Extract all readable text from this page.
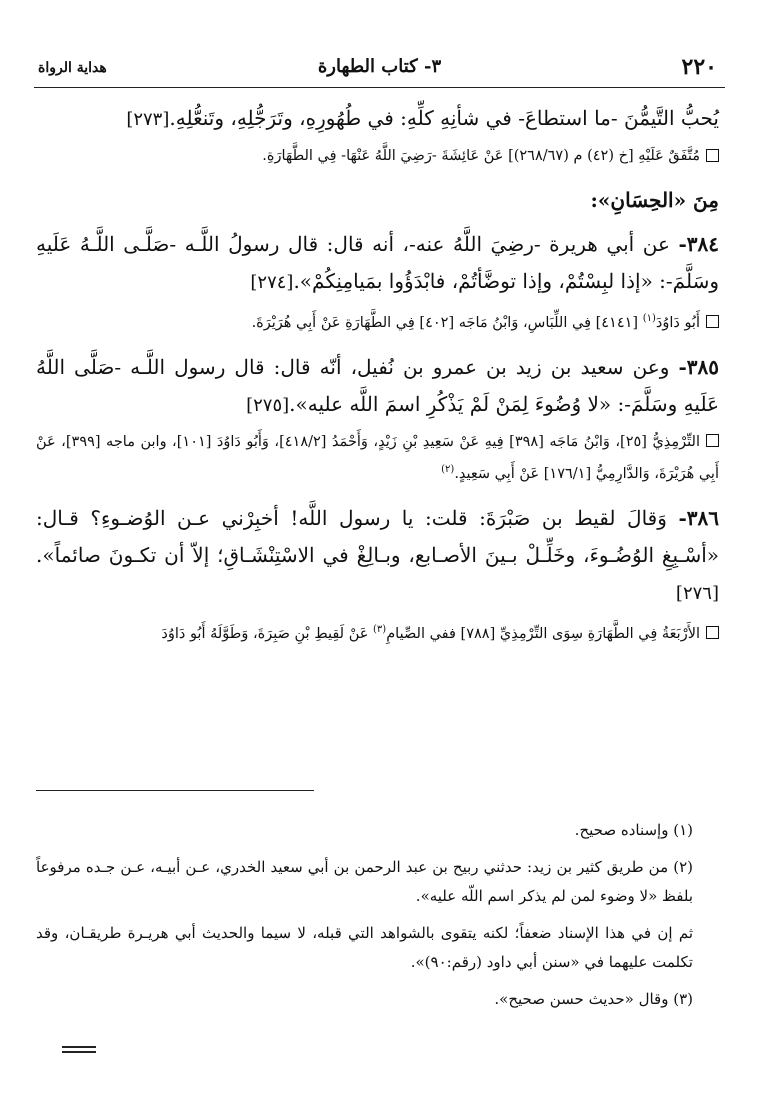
٢٢٠
٣- كتاب الطهارة
هداية الرواة

يُحبُّ التَّيمُّنَ -ما استطاعَ- في شأنِهِ كلِّهِ: في طُهُورِهِ، وتَرَجُّلِهِ، وتَنعُّلِهِ.[٢٧٣]

مُتَّفَقٌ عَلَيْهِ [خ (٤٢) م (٢٦٨/٦٧)] عَنْ عَائِشَةَ -رَضِيَ اللَّهُ عَنْهَا- فِي الطَّهَارَةِ.
مِنَ «الحِسَانِ»:

٣٨٤- عن أبي هريرة -رضِيَ اللَّهُ عنه-، أنه قال: قال رسولُ اللَّـه -صَلَّـى اللَّـهُ عَلَيهِ وسَلَّمَ-: «إذا لبِسْتُمْ، وإذا توضَّأتُمْ، فابْدَؤُوا بمَيامِنِكُمْ».[٢٧٤]

أَبُو دَاوُدَ$^{(١)}$ [٤١٤١] فِي اللِّبَاسِ، وَابْنُ مَاجَه [٤٠٢] فِي الطَّهَارَةِ عَنْ أَبِي هُرَيْرَةَ.

٣٨٥- وعن سعيد بن زيد بن عمرو بن نُفيل، أنّه قال: قال رسول اللَّـه -صَلَّى اللَّهُ عَلَيهِ وسَلَّمَ-: «لا وُضُوءَ لِمَنْ لَمْ يَذْكُرِ اسمَ اللَّه عليه».[٢٧٥]

التِّرْمِذِيُّ [٢٥]، وَابْنُ مَاجَه [٣٩٨] فِيهِ عَنْ سَعِيدِ بْنِ زَيْدٍ، وَأَحْمَدُ [٤١٨/٢]، وَأَبُو دَاوُدَ [١٠١]، وابن ماجه [٣٩٩]، عَنْ أَبِي هُرَيْرَةَ، وَالدَّارِمِيُّ [١٧٦/١] عَنْ أَبِي سَعِيدٍ.$^{(٢)}$

٣٨٦- وَقالَ لقيط بن صَبْرَةَ: قلت: يا رسول اللَّه! أخبِرْني عـن الوُضـوءِ؟ قـال: «أسْـبِغِ الوُضُـوءَ، وخَلِّـلْ بـينَ الأصـابع، وبـالِغْ في الاسْتِنْشَـاقِ؛ إلاّ أن تكـونَ صائماً».[٢٧٦]

الأَرْبَعَةُ فِي الطَّهَارَةِ سِوَى التِّرْمِذِيِّ [٧٨٨] ففي الصِّيامِ$^{(٣)}$ عَنْ لَقِيطِ بْنِ صَبِرَةَ، وَطَوَّلَهُ أَبُو دَاوُدَ

(١) وإسناده صحيح.

(٢) من طريق كثير بن زيد: حدثني ربيح بن عبد الرحمن بن أبي سعيد الخدري، عـن أبيـه، عـن جـده مرفوعاً بلفظ «لا وضوء لمن لم يذكر اسم اللّه عليه».

ثم إن في هذا الإسناد ضعفاً؛ لكنه يتقوى بالشواهد التي قبله، لا سيما والحديث أبي هريـرة طريقـان، وقد تكلمت عليهما في «سنن أبي داود (رقم:٩٠)».

(٣) وقال «حديث حسن صحيح».
